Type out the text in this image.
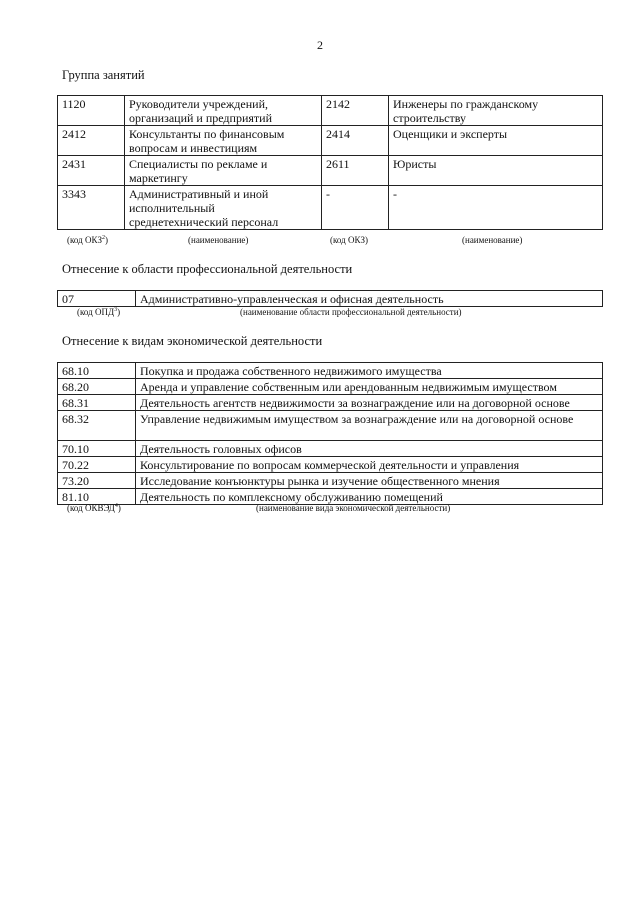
2
Группа занятий
1120	Руководители учреждений, организаций и предприятий	2142	Инженеры по гражданскому строительству
2412	Консультанты по финансовым вопросам и инвестициям	2414	Оценщики и эксперты
2431	Специалисты по рекламе и маркетингу	2611	Юристы
3343	Административный и иной исполнительный среднетехнический персонал	-	-
(код ОКЗ$^2$)	(наименование)	(код ОКЗ)	(наименование)
Отнесение к области профессиональной деятельности
07	Административно-управленческая и офисная деятельность
(код ОПД$^3$)	(наименование области профессиональной деятельности)
Отнесение к видам экономической деятельности
68.10	Покупка и продажа собственного недвижимого имущества
68.20	Аренда и управление собственным или арендованным недвижимым имуществом
68.31	Деятельность агентств недвижимости за вознаграждение или на договорной основе
68.32	Управление недвижимым имуществом за вознаграждение или на договорной основе
70.10	Деятельность головных офисов
70.22	Консультирование по вопросам коммерческой деятельности и управления
73.20	Исследование конъюнктуры рынка и изучение общественного мнения
81.10	Деятельность по комплексному обслуживанию помещений
(код ОКВЭД$^4$)	(наименование вида экономической деятельности)
